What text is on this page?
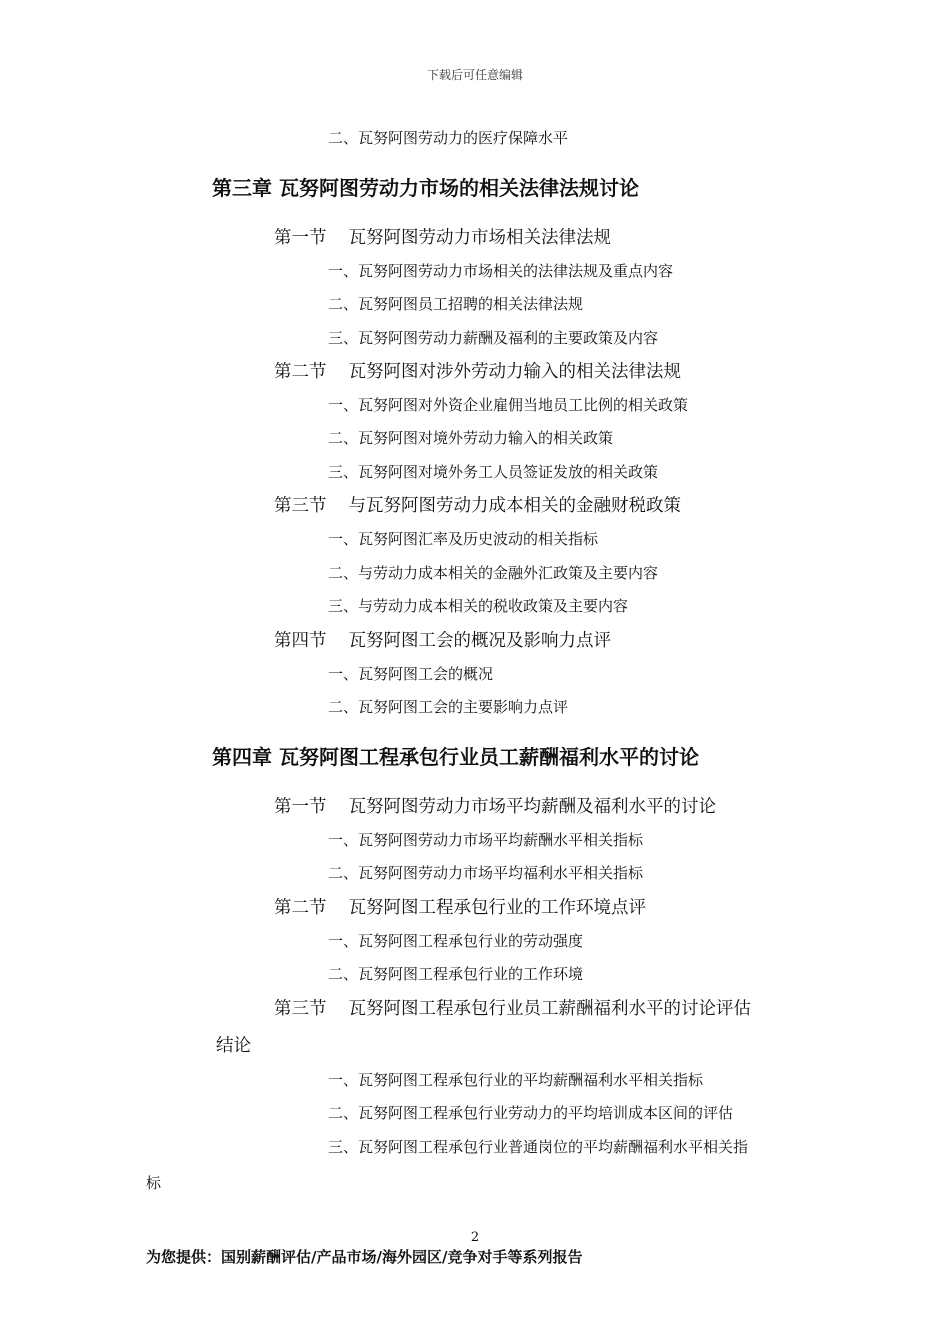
下载后可任意编辑
二、瓦努阿图劳动力的医疗保障水平
第三章 瓦努阿图劳动力市场的相关法律法规讨论
第一节 瓦努阿图劳动力市场相关法律法规
一、瓦努阿图劳动力市场相关的法律法规及重点内容
二、瓦努阿图员工招聘的相关法律法规
三、瓦努阿图劳动力薪酬及福利的主要政策及内容
第二节 瓦努阿图对涉外劳动力输入的相关法律法规
一、瓦努阿图对外资企业雇佣当地员工比例的相关政策
二、瓦努阿图对境外劳动力输入的相关政策
三、瓦努阿图对境外务工人员签证发放的相关政策
第三节 与瓦努阿图劳动力成本相关的金融财税政策
一、瓦努阿图汇率及历史波动的相关指标
二、与劳动力成本相关的金融外汇政策及主要内容
三、与劳动力成本相关的税收政策及主要内容
第四节 瓦努阿图工会的概况及影响力点评
一、瓦努阿图工会的概况
二、瓦努阿图工会的主要影响力点评
第四章 瓦努阿图工程承包行业员工薪酬福利水平的讨论
第一节 瓦努阿图劳动力市场平均薪酬及福利水平的讨论
一、瓦努阿图劳动力市场平均薪酬水平相关指标
二、瓦努阿图劳动力市场平均福利水平相关指标
第二节 瓦努阿图工程承包行业的工作环境点评
一、瓦努阿图工程承包行业的劳动强度
二、瓦努阿图工程承包行业的工作环境
第三节 瓦努阿图工程承包行业员工薪酬福利水平的讨论评估
结论
一、瓦努阿图工程承包行业的平均薪酬福利水平相关指标
二、瓦努阿图工程承包行业劳动力的平均培训成本区间的评估
三、瓦努阿图工程承包行业普通岗位的平均薪酬福利水平相关指
标
2
为您提供：国别薪酬评估/产品市场/海外园区/竞争对手等系列报告
